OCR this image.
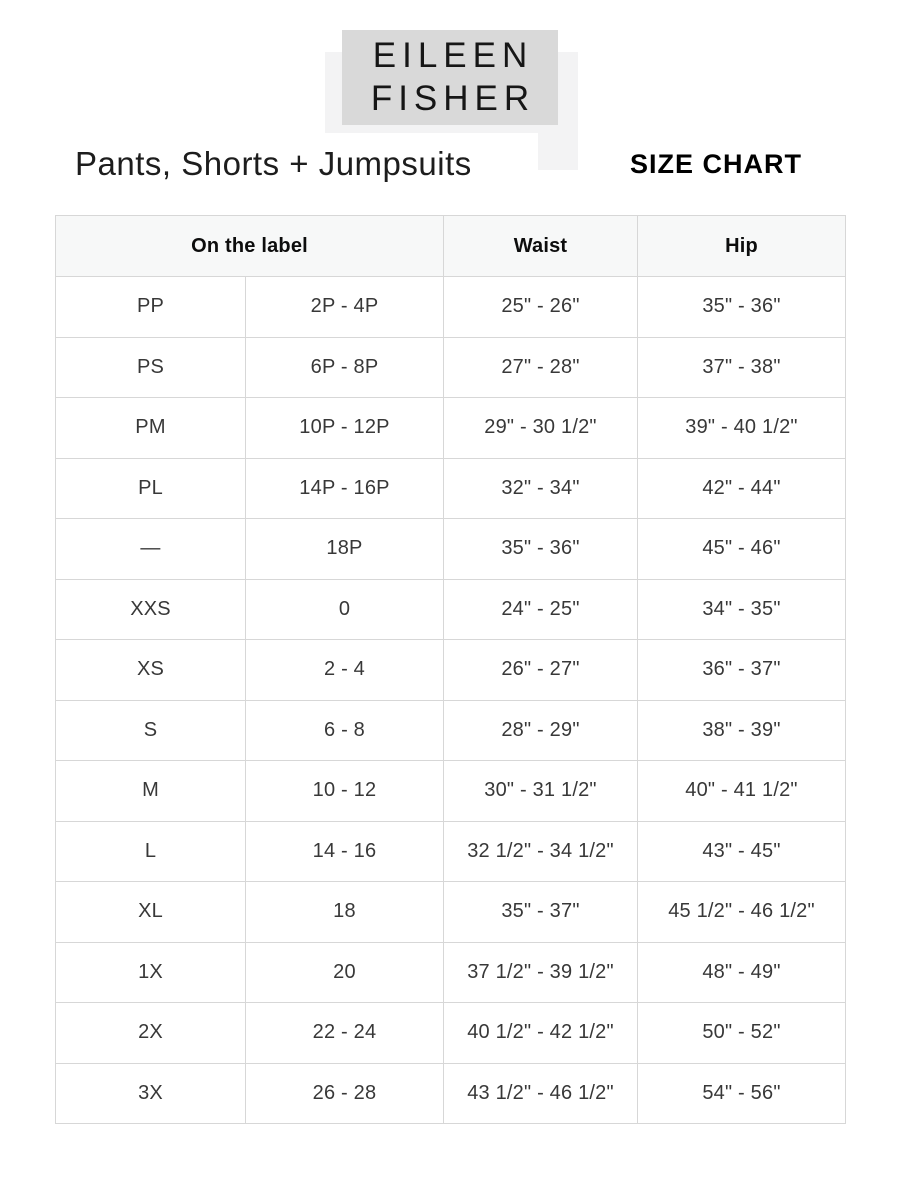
EILEEN
FISHER
Pants, Shorts + Jumpsuits	SIZE CHART
On the label		Waist	Hip
PP	2P - 4P	25" - 26"	35" - 36"
PS	6P - 8P	27" - 28"	37" - 38"
PM	10P - 12P	29" - 30 1/2"	39" - 40 1/2"
PL	14P - 16P	32" - 34"	42" - 44"
—	18P	35" - 36"	45" - 46"
XXS	0	24" - 25"	34" - 35"
XS	2 - 4	26" - 27"	36" - 37"
S	6 - 8	28" - 29"	38" - 39"
M	10 - 12	30" - 31 1/2"	40" - 41 1/2"
L	14 - 16	32 1/2" - 34 1/2"	43" - 45"
XL	18	35" - 37"	45 1/2" - 46 1/2"
1X	20	37 1/2" - 39 1/2"	48" - 49"
2X	22 - 24	40 1/2" - 42 1/2"	50" - 52"
3X	26 - 28	43 1/2" - 46 1/2"	54" - 56"
